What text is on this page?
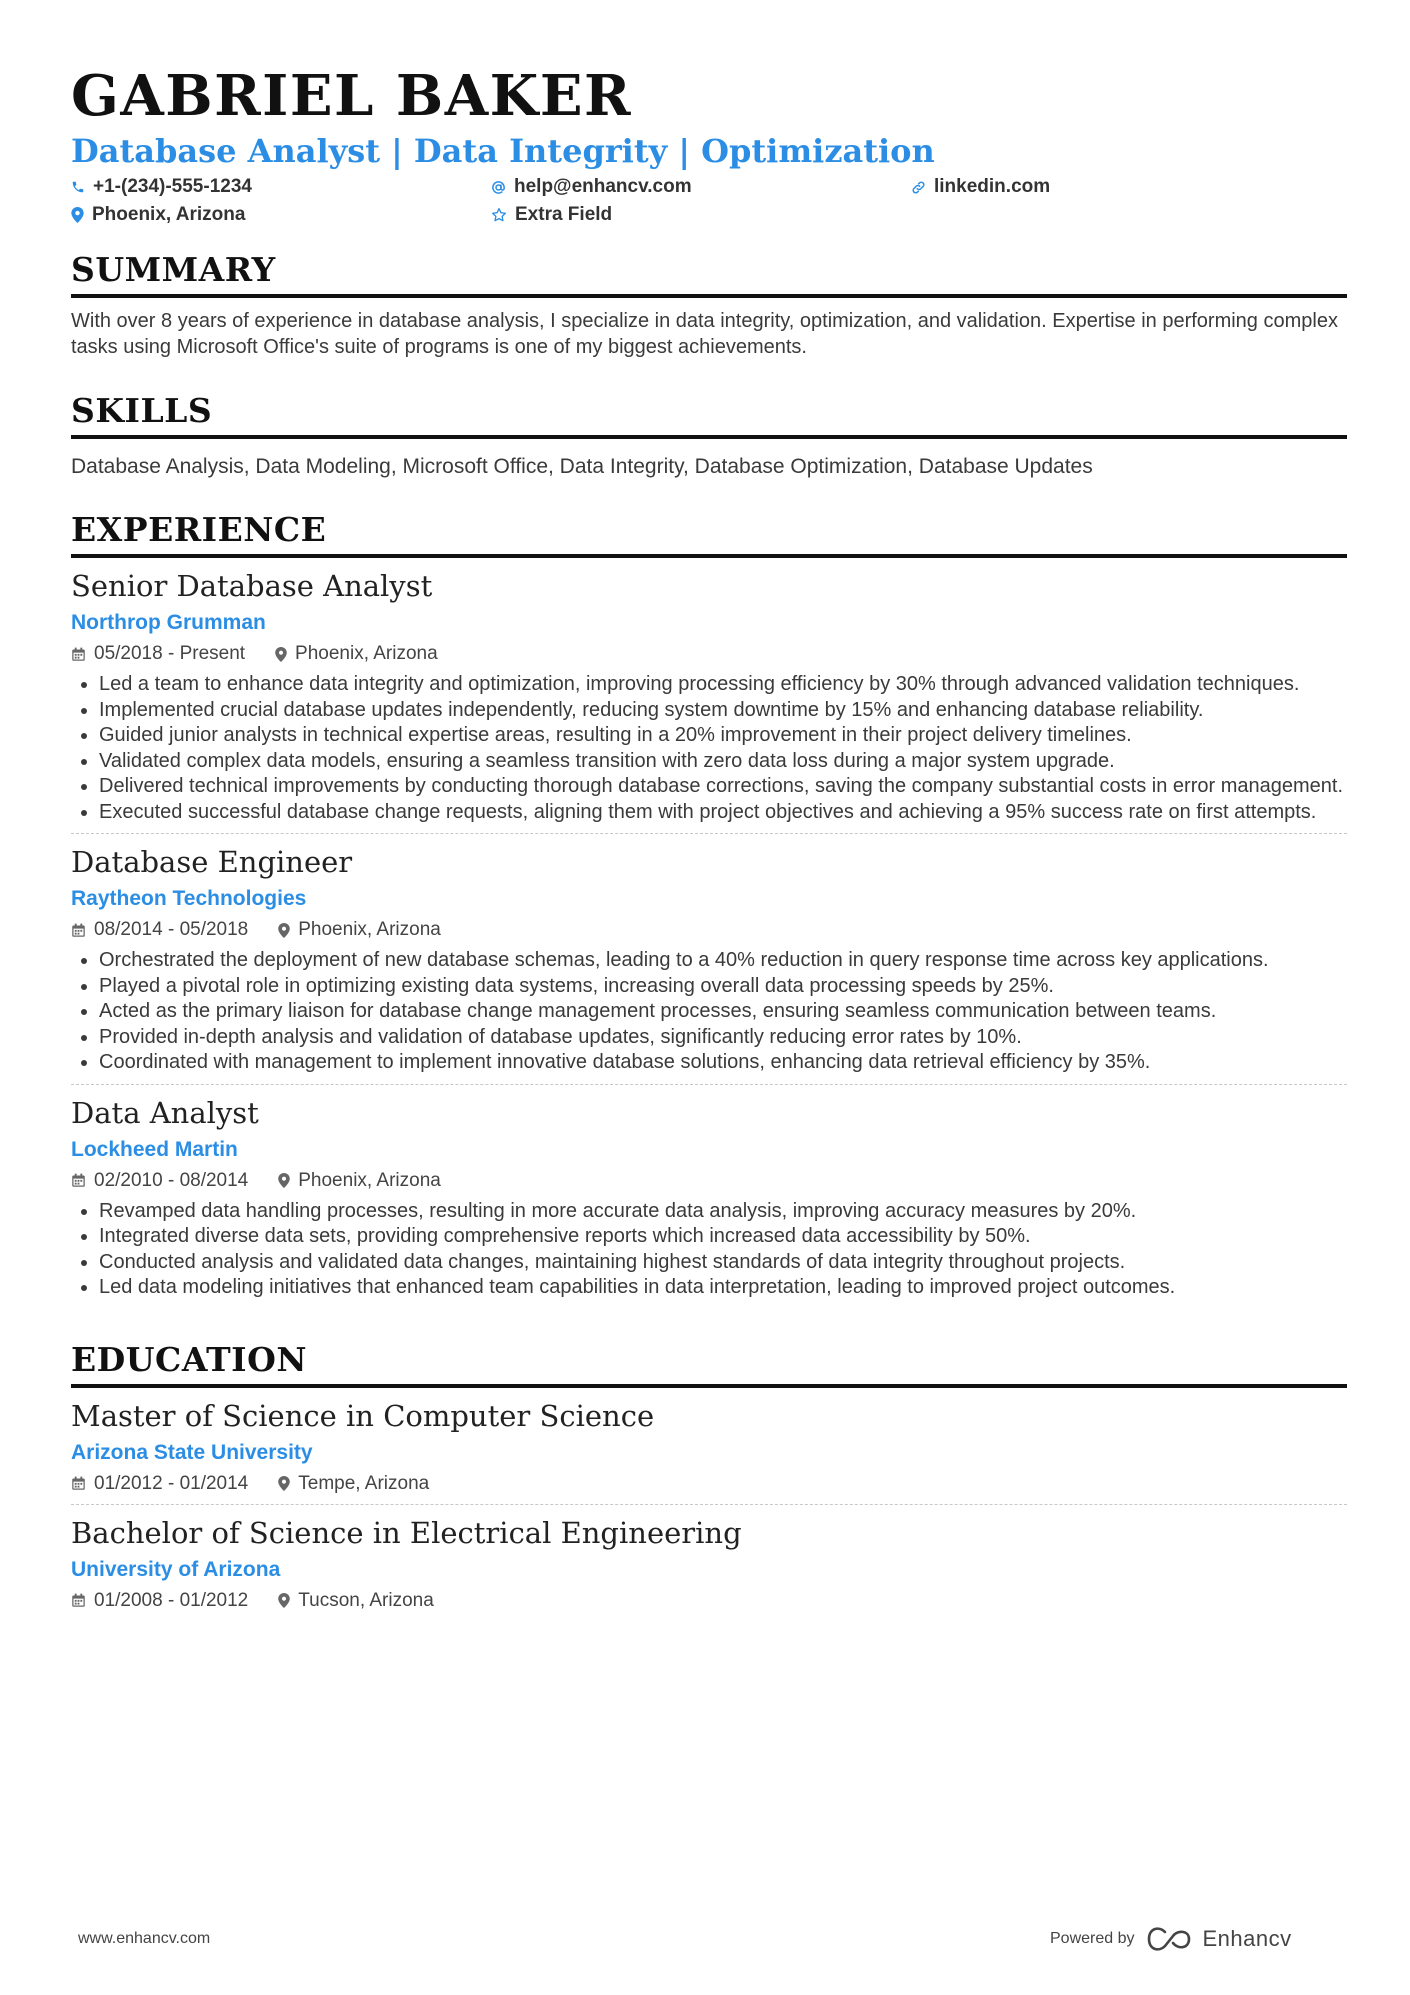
GABRIEL BAKER
Database Analyst | Data Integrity | Optimization
+1-(234)-555-1234	help@enhancv.com	linkedin.com
Phoenix, Arizona	Extra Field
SUMMARY
With over 8 years of experience in database analysis, I specialize in data integrity, optimization, and validation. Expertise in performing complex tasks using Microsoft Office's suite of programs is one of my biggest achievements.
SKILLS
Database Analysis, Data Modeling, Microsoft Office, Data Integrity, Database Optimization, Database Updates
EXPERIENCE
Senior Database Analyst
Northrop Grumman
05/2018 - Present	Phoenix, Arizona
• Led a team to enhance data integrity and optimization, improving processing efficiency by 30% through advanced validation techniques.
• Implemented crucial database updates independently, reducing system downtime by 15% and enhancing database reliability.
• Guided junior analysts in technical expertise areas, resulting in a 20% improvement in their project delivery timelines.
• Validated complex data models, ensuring a seamless transition with zero data loss during a major system upgrade.
• Delivered technical improvements by conducting thorough database corrections, saving the company substantial costs in error management.
• Executed successful database change requests, aligning them with project objectives and achieving a 95% success rate on first attempts.
Database Engineer
Raytheon Technologies
08/2014 - 05/2018	Phoenix, Arizona
• Orchestrated the deployment of new database schemas, leading to a 40% reduction in query response time across key applications.
• Played a pivotal role in optimizing existing data systems, increasing overall data processing speeds by 25%.
• Acted as the primary liaison for database change management processes, ensuring seamless communication between teams.
• Provided in-depth analysis and validation of database updates, significantly reducing error rates by 10%.
• Coordinated with management to implement innovative database solutions, enhancing data retrieval efficiency by 35%.
Data Analyst
Lockheed Martin
02/2010 - 08/2014	Phoenix, Arizona
• Revamped data handling processes, resulting in more accurate data analysis, improving accuracy measures by 20%.
• Integrated diverse data sets, providing comprehensive reports which increased data accessibility by 50%.
• Conducted analysis and validated data changes, maintaining highest standards of data integrity throughout projects.
• Led data modeling initiatives that enhanced team capabilities in data interpretation, leading to improved project outcomes.
EDUCATION
Master of Science in Computer Science
Arizona State University
01/2012 - 01/2014	Tempe, Arizona
Bachelor of Science in Electrical Engineering
University of Arizona
01/2008 - 01/2012	Tucson, Arizona
www.enhancv.com	Powered by	Enhancv
